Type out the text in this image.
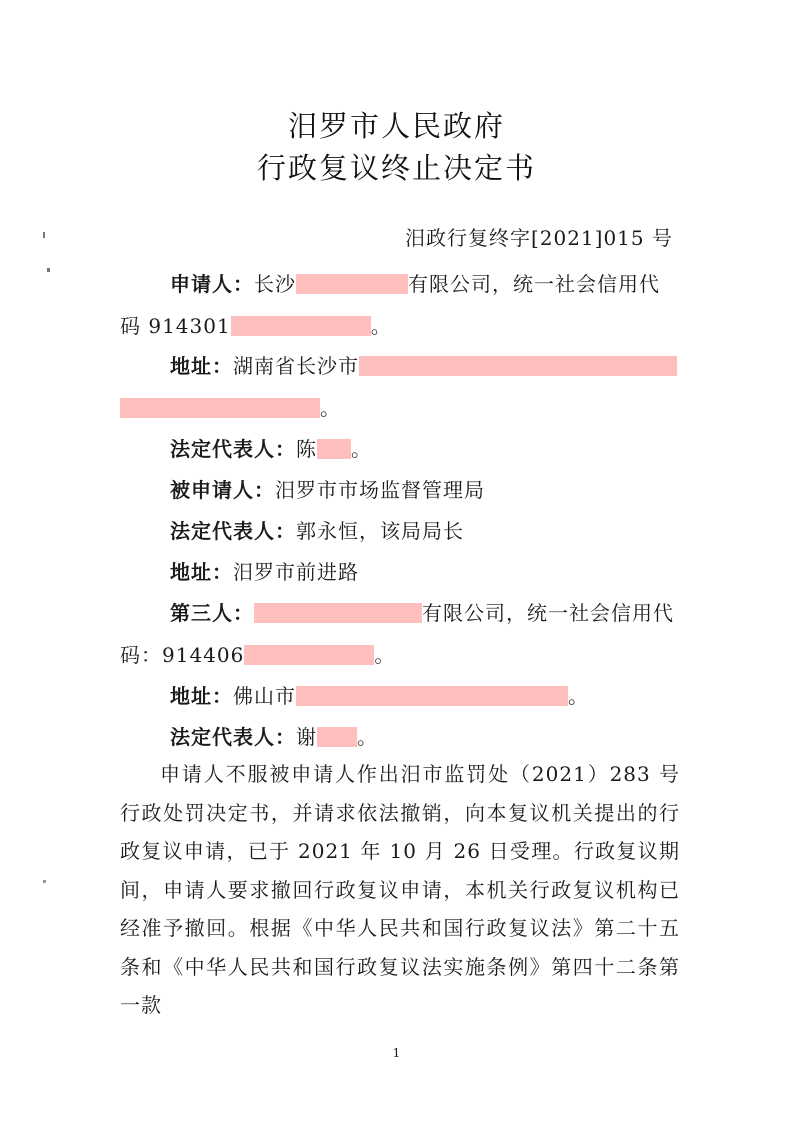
汨罗市人民政府
行政复议终止决定书
汨政行复终字[2021]015 号
申请人：长沙	有限公司，统一社会信用代
码 914301	。
地址：湖南省长沙市
。
法定代表人：陈 。
被申请人：汨罗市市场监督管理局
法定代表人：郭永恒，该局局长
地址：汨罗市前进路
第三人：	有限公司，统一社会信用代
码：914406	。
地址：佛山市	。
法定代表人：谢 。
申请人不服被申请人作出汨市监罚处（2021）283 号行政处罚决定书，并请求依法撤销，向本复议机关提出的行政复议申请，已于 2021 年 10 月 26 日受理。行政复议期间，申请人要求撤回行政复议申请，本机关行政复议机构已经准予撤回。根据《中华人民共和国行政复议法》第二十五条和《中华人民共和国行政复议法实施条例》第四十二条第一款
1
